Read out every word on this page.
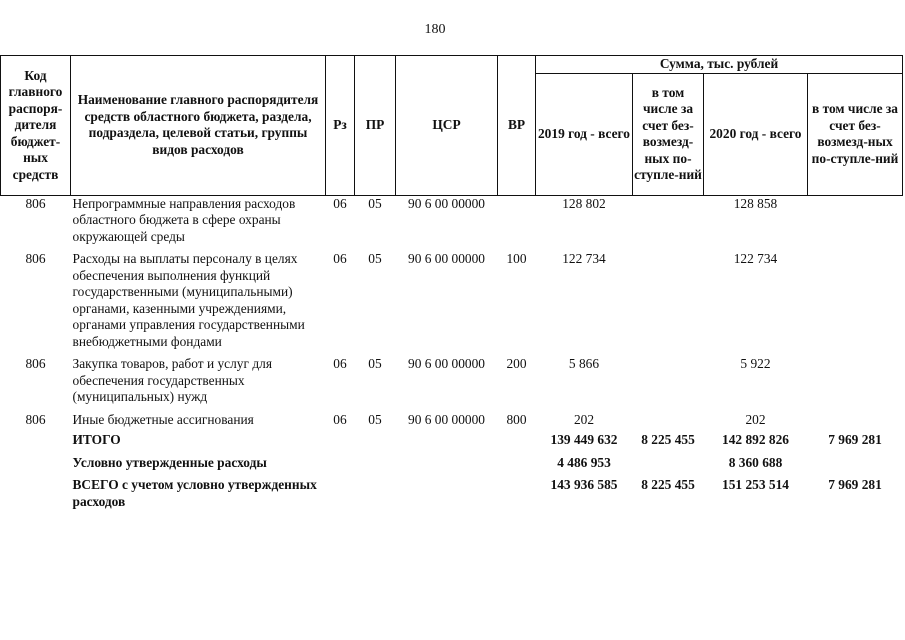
180
Код главного распоря-дителя бюджет-ных средств	Наименование главного распорядителя средств областного бюджета, раздела, подраздела, целевой статьи, группы видов расходов	Рз	ПР	ЦСР	ВР	Сумма, тыс. рублей			
						2019 год - всего	в том числе за счет без-возмезд-ных по-ступле-ний	2020 год - всего	в том числе за счет без-возмезд-ных по-ступле-ний
806	Непрограммные направления расходов областного бюджета в сфере охраны окружающей среды	06	05	90 6 00 00000		128 802		128 858	
806	Расходы на выплаты персоналу в целях обеспечения выполнения функций государственными (муниципальными) органами, казенными учреждениями, органами управления государственными внебюджетными фондами	06	05	90 6 00 00000	100	122 734		122 734	
806	Закупка товаров, работ и услуг для обеспечения государственных (муниципальных) нужд	06	05	90 6 00 00000	200	5 866		5 922	
806	Иные бюджетные ассигнования	06	05	90 6 00 00000	800	202		202	
	ИТОГО					139 449 632	8 225 455	142 892 826	7 969 281
	Условно утвержденные расходы					4 486 953		8 360 688	
	ВСЕГО с учетом условно утвержденных расходов					143 936 585	8 225 455	151 253 514	7 969 281
